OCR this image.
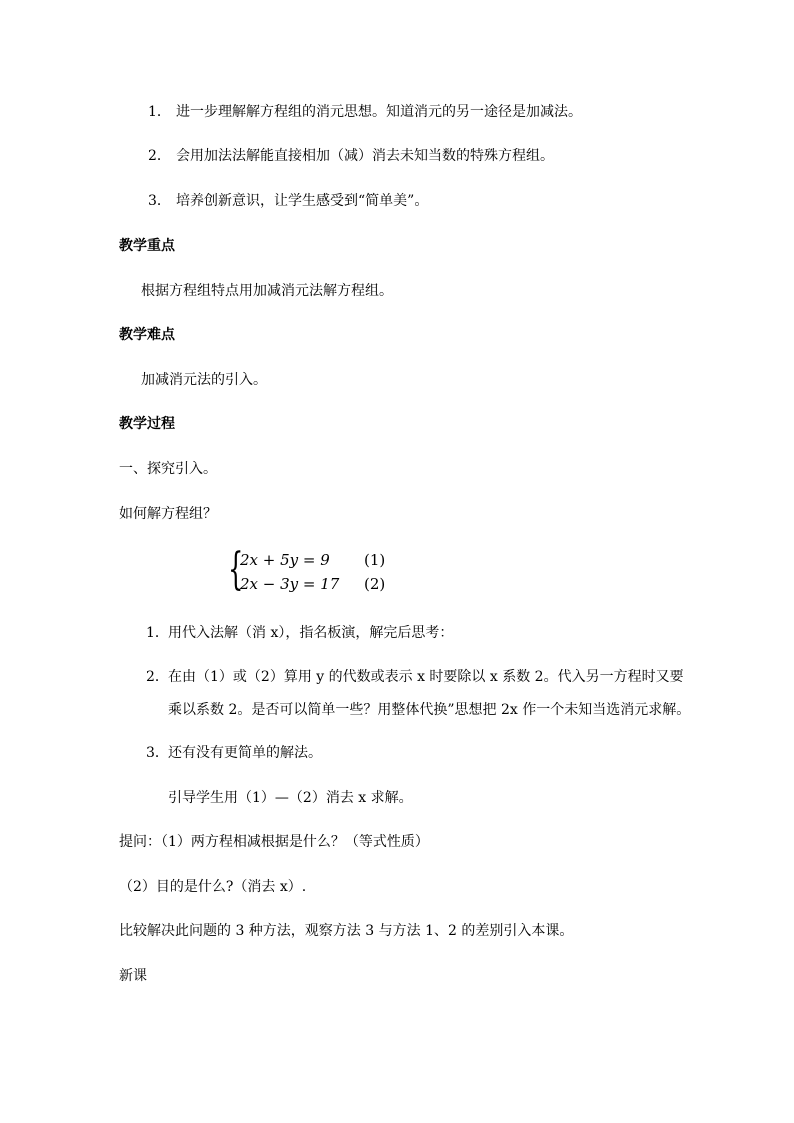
1． 进一步理解解方程组的消元思想。知道消元的另一途径是加减法。
2． 会用加法法解能直接相加（减）消去未知当数的特殊方程组。
3． 培养创新意识，让学生感受到“简单美”。
教学重点
根据方程组特点用加减消元法解方程组。
教学难点
加减消元法的引入。
教学过程
一、探究引入。
如何解方程组？
{
2x + 5y = 9 (1)
2x − 3y = 17 (2)
1．用代入法解（消 x），指名板演，解完后思考：
2．在由（1）或（2）算用 y 的代数或表示 x 时要除以 x 系数 2。代入另一方程时又要
乘以系数 2。是否可以简单一些？用整体代换”思想把 2x 作一个未知当选消元求解。
3．还有没有更简单的解法。
引导学生用（1）—（2）消去 x 求解。
提问：（1）两方程相减根据是什么？（等式性质）
（2）目的是什么?（消去 x）.
比较解决此问题的 3 种方法，观察方法 3 与方法 1、2 的差别引入本课。
新课
